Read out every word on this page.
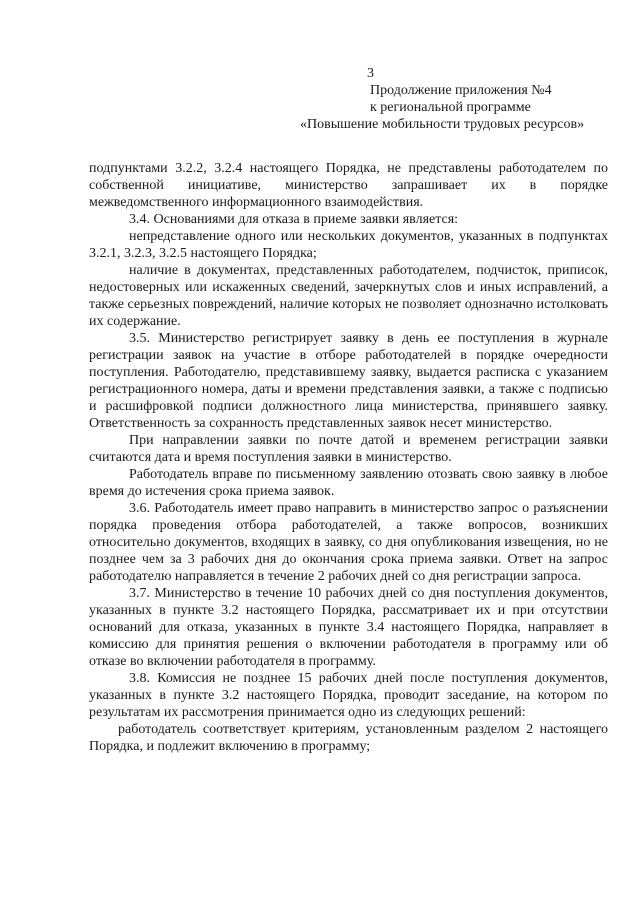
3
Продолжение приложения №4
к региональной программе
«Повышение мобильности трудовых ресурсов»

подпунктами 3.2.2, 3.2.4 настоящего Порядка, не представлены работодателем по собственной инициативе, министерство запрашивает их в порядке межведомственного информационного взаимодействия.

3.4. Основаниями для отказа в приеме заявки является:

непредставление одного или нескольких документов, указанных в подпунктах 3.2.1, 3.2.3, 3.2.5 настоящего Порядка;

наличие в документах, представленных работодателем, подчисток, приписок, недостоверных или искаженных сведений, зачеркнутых слов и иных исправлений, а также серьезных повреждений, наличие которых не позволяет однозначно истолковать их содержание.

3.5. Министерство регистрирует заявку в день ее поступления в журнале регистрации заявок на участие в отборе работодателей в порядке очередности поступления. Работодателю, представившему заявку, выдается расписка с указанием регистрационного номера, даты и времени представления заявки, а также с подписью и расшифровкой подписи должностного лица министерства, принявшего заявку. Ответственность за сохранность представленных заявок несет министерство.

При направлении заявки по почте датой и временем регистрации заявки считаются дата и время поступления заявки в министерство.

Работодатель вправе по письменному заявлению отозвать свою заявку в любое время до истечения срока приема заявок.

3.6. Работодатель имеет право направить в министерство запрос о разъяснении порядка проведения отбора работодателей, а также вопросов, возникших относительно документов, входящих в заявку, со дня опубликования извещения, но не позднее чем за 3 рабочих дня до окончания срока приема заявки. Ответ на запрос работодателю направляется в течение 2 рабочих дней со дня регистрации запроса.

3.7. Министерство в течение 10 рабочих дней со дня поступления документов, указанных в пункте 3.2 настоящего Порядка, рассматривает их и при отсутствии оснований для отказа, указанных в пункте 3.4 настоящего Порядка, направляет в комиссию для принятия решения о включении работодателя в программу или об отказе во включении работодателя в программу.

3.8. Комиссия не позднее 15 рабочих дней после поступления документов, указанных в пункте 3.2 настоящего Порядка, проводит заседание, на котором по результатам их рассмотрения принимается одно из следующих решений:

работодатель соответствует критериям, установленным разделом 2 настоящего Порядка, и подлежит включению в программу;
